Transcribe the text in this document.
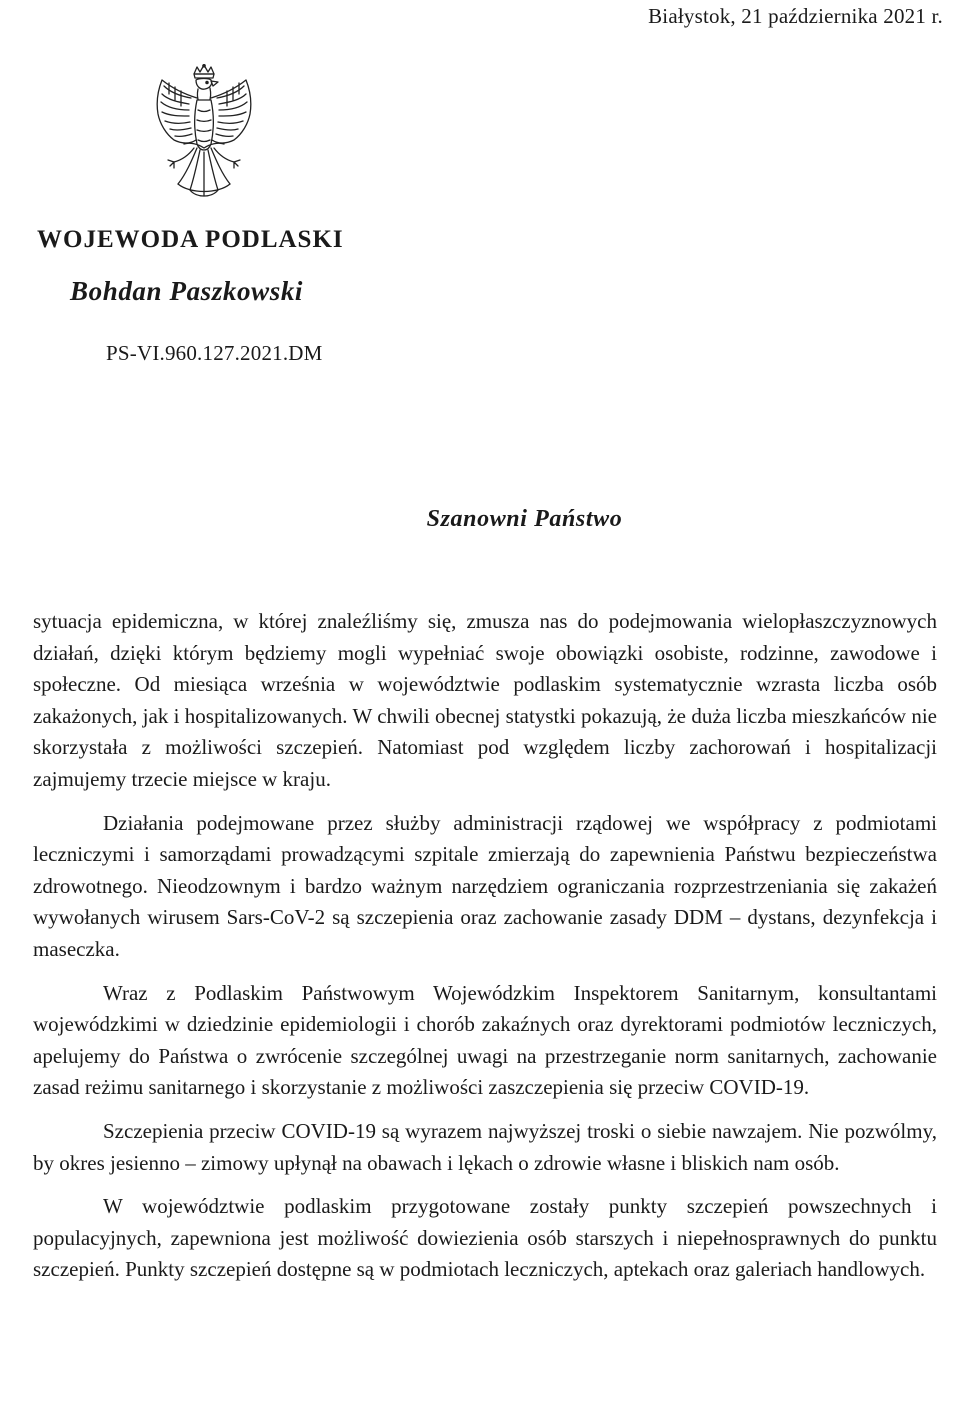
Białystok, 21 października 2021 r.
WOJEWODA PODLASKI
Bohdan Paszkowski
PS-VI.960.127.2021.DM
Szanowni Państwo

sytuacja epidemiczna, w której znaleźliśmy się, zmusza nas do podejmowania wielopłaszczyznowych działań, dzięki którym będziemy mogli wypełniać swoje obowiązki osobiste, rodzinne, zawodowe i społeczne. Od miesiąca września w województwie podlaskim systematycznie wzrasta liczba osób zakażonych, jak i hospitalizowanych. W chwili obecnej statystki pokazują, że duża liczba mieszkańców nie skorzystała z możliwości szczepień. Natomiast pod względem liczby zachorowań i hospitalizacji zajmujemy trzecie miejsce w kraju.

Działania podejmowane przez służby administracji rządowej we współpracy z podmiotami leczniczymi i samorządami prowadzącymi szpitale zmierzają do zapewnienia Państwu bezpieczeństwa zdrowotnego. Nieodzownym i bardzo ważnym narzędziem ograniczania rozprzestrzeniania się zakażeń wywołanych wirusem Sars-CoV-2 są szczepienia oraz zachowanie zasady DDM – dystans, dezynfekcja i maseczka.

Wraz z Podlaskim Państwowym Wojewódzkim Inspektorem Sanitarnym, konsultantami wojewódzkimi w dziedzinie epidemiologii i chorób zakaźnych oraz dyrektorami podmiotów leczniczych, apelujemy do Państwa o zwrócenie szczególnej uwagi na przestrzeganie norm sanitarnych, zachowanie zasad reżimu sanitarnego i skorzystanie z możliwości zaszczepienia się przeciw COVID-19.

Szczepienia przeciw COVID-19 są wyrazem najwyższej troski o siebie nawzajem. Nie pozwólmy, by okres jesienno – zimowy upłynął na obawach i lękach o zdrowie własne i bliskich nam osób.

W województwie podlaskim przygotowane zostały punkty szczepień powszechnych i populacyjnych, zapewniona jest możliwość dowiezienia osób starszych i niepełnosprawnych do punktu szczepień. Punkty szczepień dostępne są w podmiotach leczniczych, aptekach oraz galeriach handlowych.
